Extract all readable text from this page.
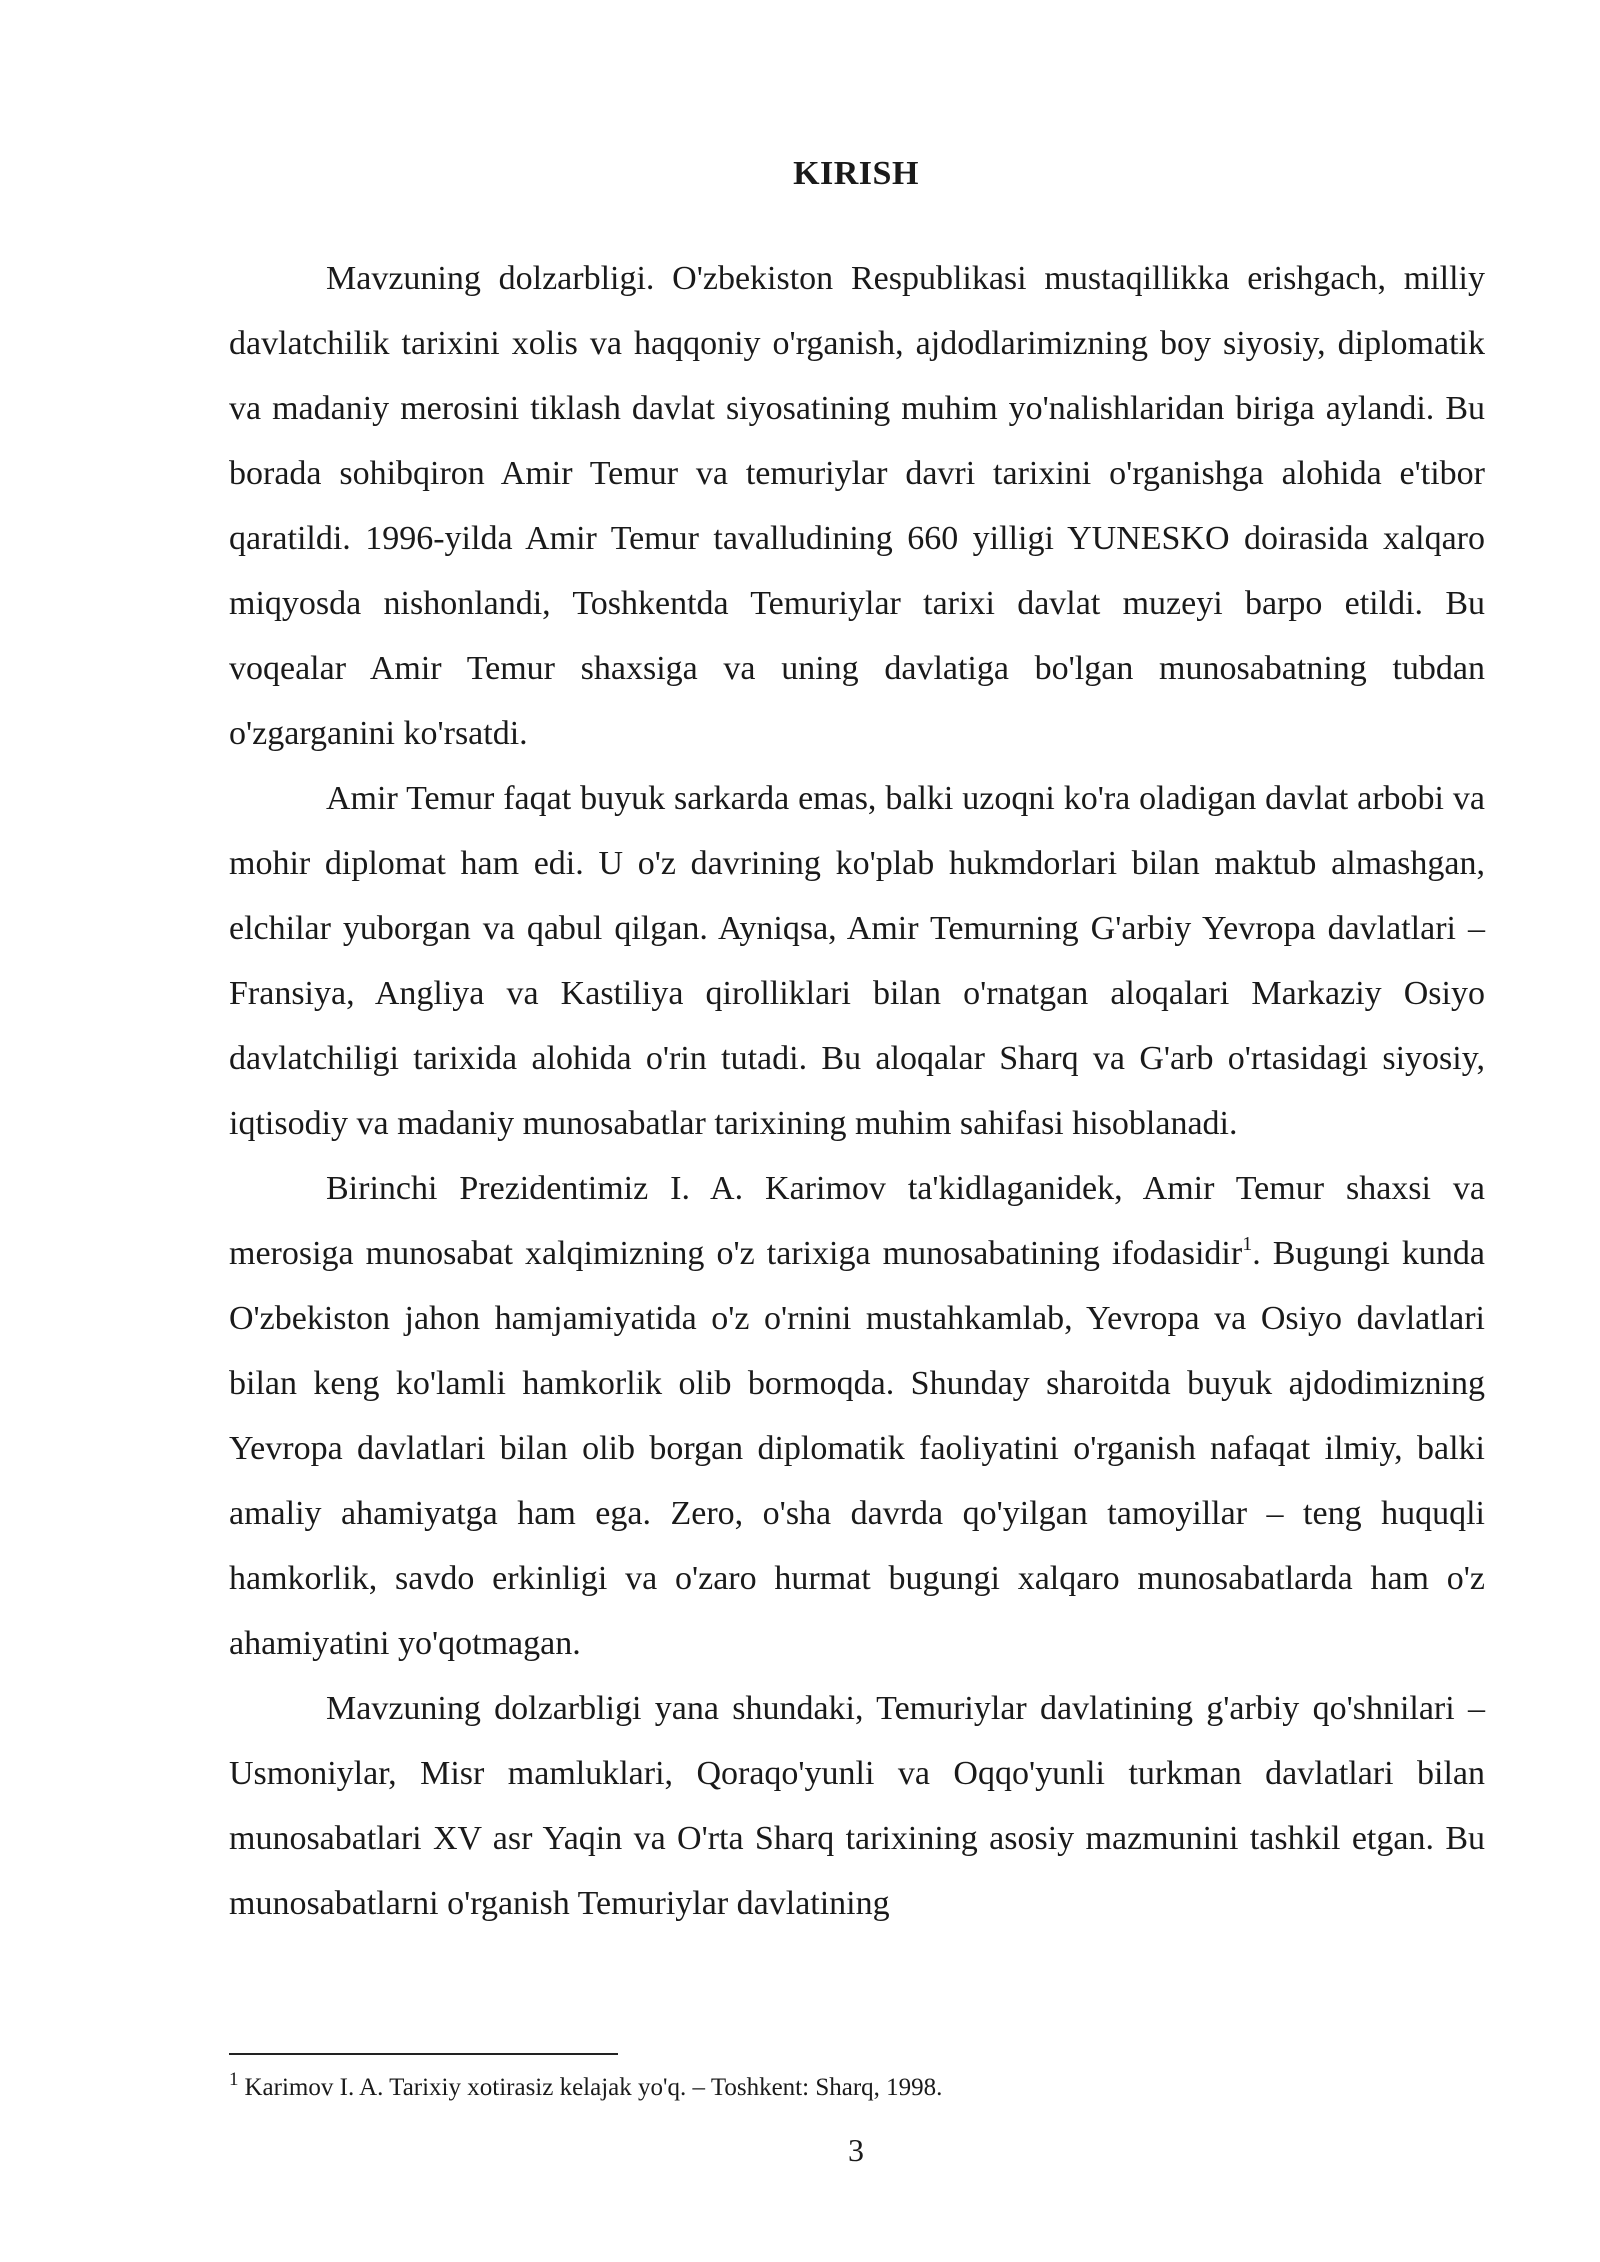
KIRISH

Mavzuning dolzarbligi. O'zbekiston Respublikasi mustaqillikka erishgach, milliy davlatchilik tarixini xolis va haqqoniy o'rganish, ajdodlarimizning boy siyosiy, diplomatik va madaniy merosini tiklash davlat siyosatining muhim yo'nalishlaridan biriga aylandi. Bu borada sohibqiron Amir Temur va temuriylar davri tarixini o'rganishga alohida e'tibor qaratildi. 1996-yilda Amir Temur tavalludining 660 yilligi YUNESKO doirasida xalqaro miqyosda nishonlandi, Toshkentda Temuriylar tarixi davlat muzeyi barpo etildi. Bu voqealar Amir Temur shaxsiga va uning davlatiga bo'lgan munosabatning tubdan o'zgarganini ko'rsatdi.

Amir Temur faqat buyuk sarkarda emas, balki uzoqni ko'ra oladigan davlat arbobi va mohir diplomat ham edi. U o'z davrining ko'plab hukmdorlari bilan maktub almashgan, elchilar yuborgan va qabul qilgan. Ayniqsa, Amir Temurning G'arbiy Yevropa davlatlari – Fransiya, Angliya va Kastiliya qirolliklari bilan o'rnatgan aloqalari Markaziy Osiyo davlatchiligi tarixida alohida o'rin tutadi. Bu aloqalar Sharq va G'arb o'rtasidagi siyosiy, iqtisodiy va madaniy munosabatlar tarixining muhim sahifasi hisoblanadi.

Birinchi Prezidentimiz I. A. Karimov ta'kidlaganidek, Amir Temur shaxsi va merosiga munosabat xalqimizning o'z tarixiga munosabatining ifodasidir$^1$. Bugungi kunda O'zbekiston jahon hamjamiyatida o'z o'rnini mustahkamlab, Yevropa va Osiyo davlatlari bilan keng ko'lamli hamkorlik olib bormoqda. Shunday sharoitda buyuk ajdodimizning Yevropa davlatlari bilan olib borgan diplomatik faoliyatini o'rganish nafaqat ilmiy, balki amaliy ahamiyatga ham ega. Zero, o'sha davrda qo'yilgan tamoyillar – teng huquqli hamkorlik, savdo erkinligi va o'zaro hurmat bugungi xalqaro munosabatlarda ham o'z ahamiyatini yo'qotmagan.

Mavzuning dolzarbligi yana shundaki, Temuriylar davlatining g'arbiy qo'shnilari – Usmoniylar, Misr mamluklari, Qoraqo'yunli va Oqqo'yunli turkman davlatlari bilan munosabatlari XV asr Yaqin va O'rta Sharq tarixining asosiy mazmunini tashkil etgan. Bu munosabatlarni o'rganish Temuriylar davlatining

$^1$ Karimov I. A. Tarixiy xotirasiz kelajak yo'q. – Toshkent: Sharq, 1998.
3
